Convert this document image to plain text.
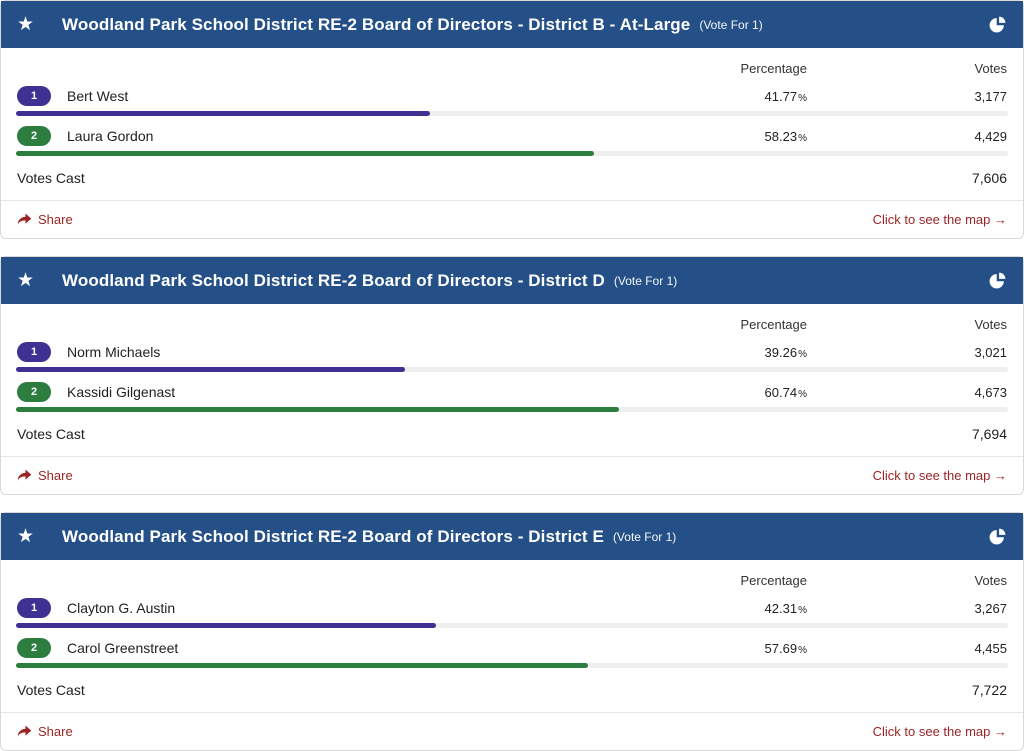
★ Woodland Park School District RE-2 Board of Directors - District B - At-Large (Vote For 1)
Percentage	Votes
1	Bert West	41.77%	3,177
2	Laura Gordon	58.23%	4,429
Votes Cast	7,606
Share	Click to see the map →
★ Woodland Park School District RE-2 Board of Directors - District D (Vote For 1)
Percentage	Votes
1	Norm Michaels	39.26%	3,021
2	Kassidi Gilgenast	60.74%	4,673
Votes Cast	7,694
Share	Click to see the map →
★ Woodland Park School District RE-2 Board of Directors - District E (Vote For 1)
Percentage	Votes
1	Clayton G. Austin	42.31%	3,267
2	Carol Greenstreet	57.69%	4,455
Votes Cast	7,722
Share	Click to see the map →
